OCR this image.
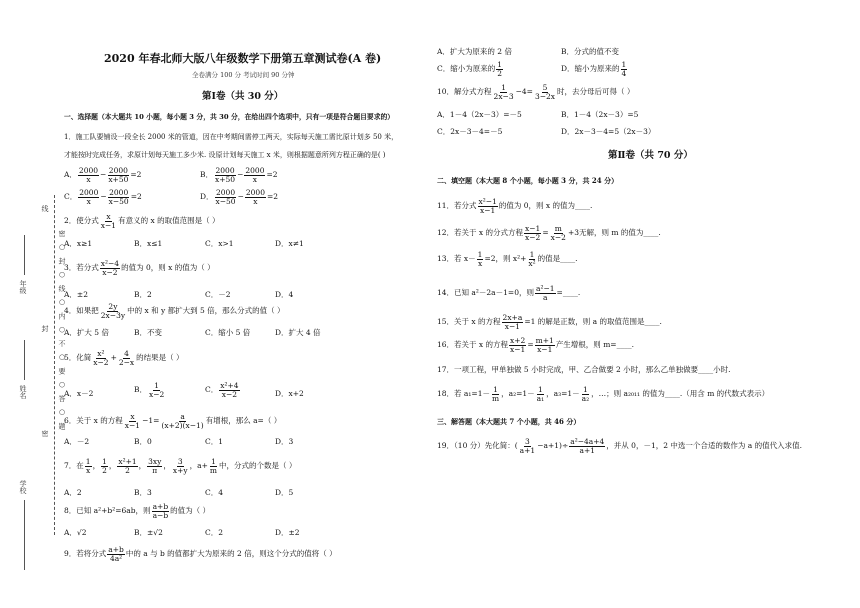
密 ○ 封 ○ 线 ○ 内 ○ 不 ○ 要 ○ 答 ○ 题
线
封
密
年级
姓名
学校
2020 年春北师大版八年级数学下册第五章测试卷(A 卷)
全卷满分 100 分 考试时间 90 分钟
第Ⅰ卷（共 30 分）
一、选择题（本大题共 10 小题，每小题 3 分，共 30 分，在给出四个选项中，只有一项是符合题目要求的）
1．施工队要铺设一段全长 2000 米的管道，因在中考期间需停工两天，实际每天施工需比原计划多 50 米，
才能按时完成任务，求原计划每天施工多少米. 设原计划每天施工 x 米，则根据题意所列方程正确的是( )
A． $\frac{2000}{x} - \frac{2000}{x+50} =2$	B． $\frac{2000}{x+50} - \frac{2000}{x} =2$
C． $\frac{2000}{x} - \frac{2000}{x-50} =2$	D． $\frac{2000}{x-50} - \frac{2000}{x} =2$
2．使分式 $\frac{x}{x-1}$ 有意义的 x 的取值范围是（ ）
A．x≥1	B．x≤1	C．x>1	D．x≠1
3．若分式 $\frac{\text{x²−4}}{x-2}$ 的值为 0，则 x 的值为（ ）
A．±2	B．2	C．－2	D．4
4．如果把 $\frac{2y}{2x-3y}$ 中的 x 和 y 都扩大到 5 倍，那么分式的值（ ）
A．扩大 5 倍	B．不变	C．缩小 5 倍	D．扩大 4 倍
5．化简 $\frac{\text{x²}}{x-2} + \frac{4}{2-x}$ 的结果是（ ）
A．x－2	B． $\frac{1}{x-2}$	C． $\frac{\text{x²+4}}{x-2}$	D．x+2
6．关于 x 的方程 $\frac{x}{x-1} -1= \frac{a}{(x+2)(x-1)}$ 有增根，那么 a=（ ）
A．－2	B．0	C．1	D．3
7．在 $\frac{1}{x}$ ， $\frac{1}{2}$ ， $\frac{\text{x²+1}}{2}$ ， $\frac{3xy}{\pi}$ ， $\frac{3}{x+y}$ ，$a+ \frac{1}{m}$ 中，分式的个数是（ ）
A．2	B．3	C．4	D．5
8．已知 a²+b²=6ab，则 $\frac{a+b}{a-b}$ 的值为（ ）
A．√2	B．±√2	C．2	D．±2
9．若将分式 $\frac{a+b}{\text{4a²}}$ 中的 a 与 b 的值都扩大为原来的 2 倍，则这个分式的值将（ ）
A．扩大为原来的 2 倍	B．分式的值不变
C．缩小为原来的 $\frac{1}{2}$	D．缩小为原来的 $\frac{1}{4}$
10．解分式方程 $\frac{1}{2x-3} -4= \frac{5}{3-2x}$ 时，去分母后可得（ ）
A．1－4（2x－3）=－5	B．1－4（2x－3）=5
C．2x－3－4=－5	D．2x－3－4=5（2x－3）
第Ⅱ卷（共 70 分）
二、填空题（本大题 8 个小题，每小题 3 分，共 24 分）
11．若分式 $\frac{\text{x²−1}}{x-1}$ 的值为 0，则 x 的值为____.
12．若关于 x 的分式方程 $\frac{x-1}{x-2} = \frac{m}{x-2} +3$无解，则 m 的值为____.
13．若 $x- \frac{1}{x} =2$，则 $x^2+ \frac{1}{\text{x²}}$ 的值是____.
14．已知 a²－2a－1=0，则 $\frac{\text{a²−1}}{a}$ =____.
15．关于 x 的方程 $\frac{2x+a}{x-1} =1$ 的解是正数，则 a 的取值范围是____.
16．若关于 x 的方程 $\frac{x+2}{x-1} = \frac{m+1}{x-1}$ 产生增根，则 m=____.
17．一项工程，甲单独做 5 小时完成，甲、乙合做要 2 小时，那么乙单独做要____小时.
18．若 $a_1=1- \frac{1}{m}$ ，$a_2=1- \frac{1}{\text{a₁}}$ ，$a_3=1- \frac{1}{\text{a₂}}$ ，…；则 a₂₀₁₁ 的值为____.（用含 m 的代数式表示）
三、解答题（本大题共 7 个小题，共 46 分）
19．（10 分）先化简：( $\frac{3}{a+1} -a+1)\div \frac{\text{a²−4a+4}}{a+1}$ ，并从 0，－1，2 中选一个合适的数作为 a 的值代入求值.
